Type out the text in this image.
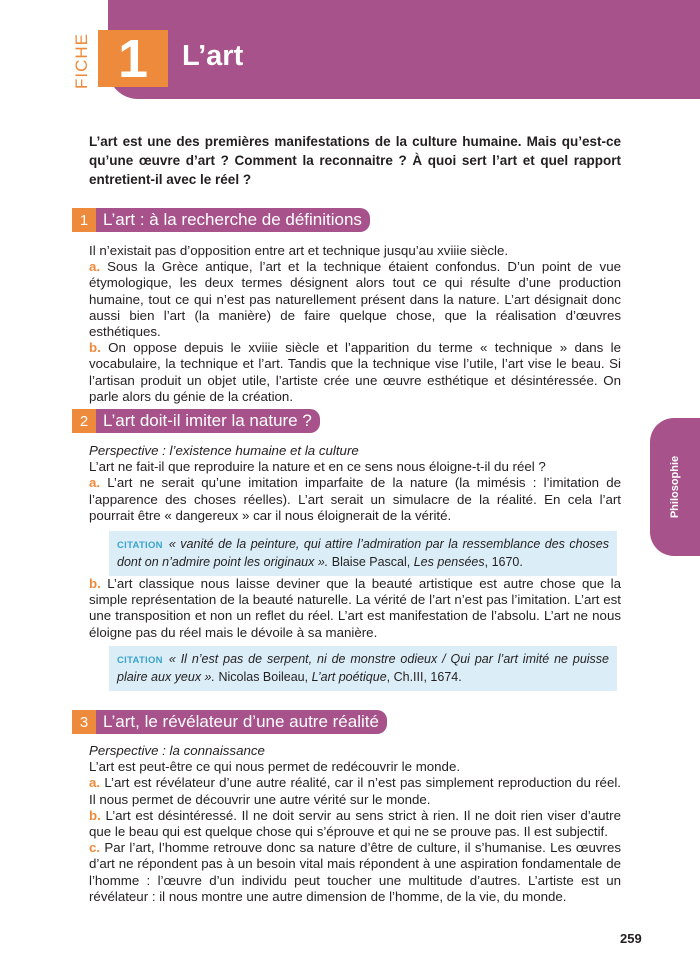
FICHE 1	L’art
Philosophie
L’art est une des premières manifestations de la culture humaine. Mais qu’est-ce qu’une œuvre d’art ? Comment la reconnaitre ? À quoi sert l’art et quel rapport entretient-il avec le réel ?
1 L’art : à la recherche de définitions

Il n’existait pas d’opposition entre art et technique jusqu’au xviiie siècle.

a. Sous la Grèce antique, l’art et la technique étaient confondus. D’un point de vue étymologique, les deux termes désignent alors tout ce qui résulte d’une production humaine, tout ce qui n’est pas naturellement présent dans la nature. L’art désignait donc aussi bien l’art (la manière) de faire quelque chose, que la réalisation d’œuvres esthétiques.

b. On oppose depuis le xviiie siècle et l’apparition du terme « technique » dans le vocabulaire, la technique et l’art. Tandis que la technique vise l’utile, l’art vise le beau. Si l’artisan produit un objet utile, l’artiste crée une œuvre esthétique et désintéressée. On parle alors du génie de la création.

2 L’art doit-il imiter la nature ?

Perspective : l’existence humaine et la culture

L’art ne fait-il que reproduire la nature et en ce sens nous éloigne-t-il du réel ?

a. L’art ne serait qu’une imitation imparfaite de la nature (la mimésis : l’imitation de l’apparence des choses réelles). L’art serait un simulacre de la réalité. En cela l’art pourrait être « dangereux » car il nous éloignerait de la vérité.

CITATION « vanité de la peinture, qui attire l’admiration par la ressemblance des choses dont on n’admire point les originaux ». Blaise Pascal, Les pensées, 1670.

b. L’art classique nous laisse deviner que la beauté artistique est autre chose que la simple représentation de la beauté naturelle. La vérité de l’art n’est pas l’imitation. L’art est une transposition et non un reflet du réel. L’art est manifestation de l’absolu. L’art ne nous éloigne pas du réel mais le dévoile à sa manière.

CITATION « Il n’est pas de serpent, ni de monstre odieux / Qui par l’art imité ne puisse plaire aux yeux ». Nicolas Boileau, L’art poétique, Ch.III, 1674.
3 L’art, le révélateur d’une autre réalité

Perspective : la connaissance

L’art est peut-être ce qui nous permet de redécouvrir le monde.

a. L’art est révélateur d’une autre réalité, car il n’est pas simplement reproduction du réel. Il nous permet de découvrir une autre vérité sur le monde.

b. L’art est désintéressé. Il ne doit servir au sens strict à rien. Il ne doit rien viser d’autre que le beau qui est quelque chose qui s’éprouve et qui ne se prouve pas. Il est subjectif.

c. Par l’art, l’homme retrouve donc sa nature d’être de culture, il s’humanise. Les œuvres d’art ne répondent pas à un besoin vital mais répondent à une aspiration fondamentale de l’homme : l’œuvre d’un individu peut toucher une multitude d’autres. L’artiste est un révélateur : il nous montre une autre dimension de l’homme, de la vie, du monde.

259
